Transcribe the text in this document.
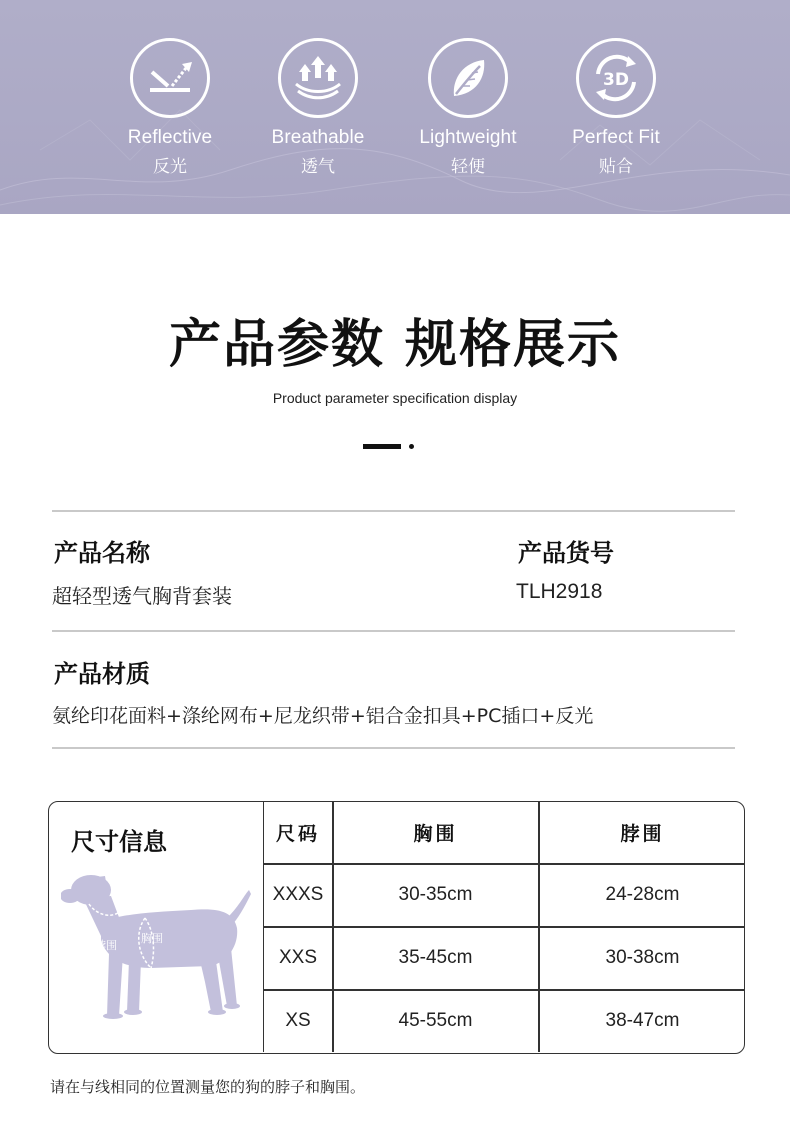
Reflective
反光
Breathable
透气
Lightweight
轻便
3D
Perfect Fit
贴合
产品参数 规格展示
Product parameter specification display
产品名称
超轻型透气胸背套装
产品货号
TLH2918
产品材质
氨纶印花面料+涤纶网布+尼龙织带+铝合金扣具+PC插口+反光
尺寸信息
脖围
胸围
尺码	胸围	脖围
XXXS	30-35cm	24-28cm
XXS	35-45cm	30-38cm
XS	45-55cm	38-47cm
请在与线相同的位置测量您的狗的脖子和胸围。
